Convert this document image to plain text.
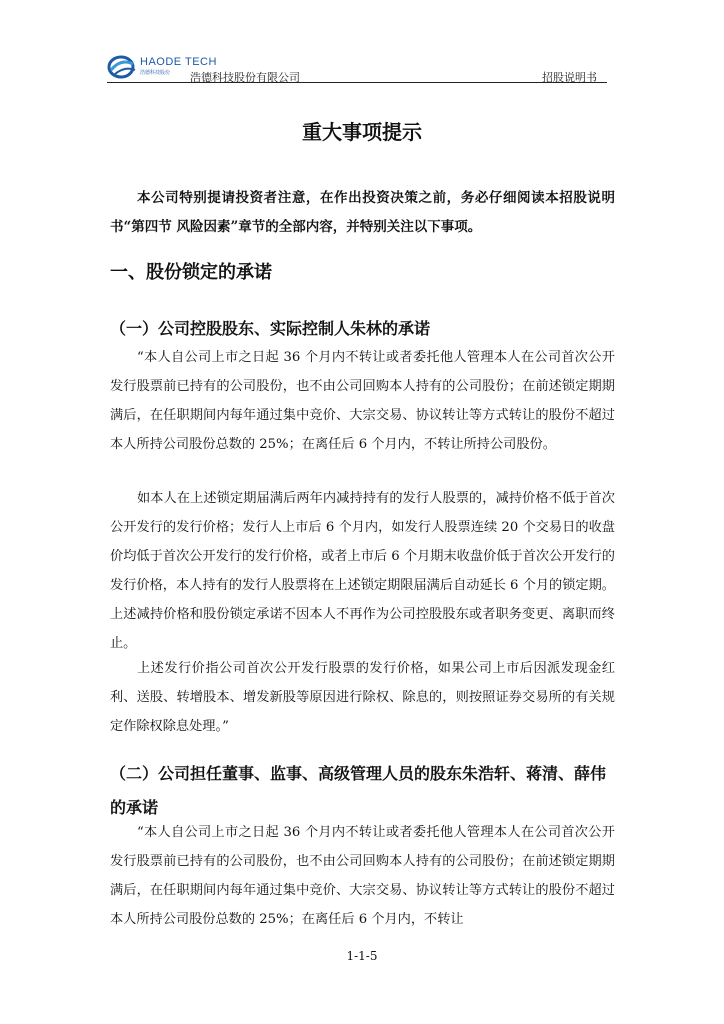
HAODE TECH
浩德科技股份 浩德科技股份有限公司	招股说明书
重大事项提示
本公司特别提请投资者注意，在作出投资决策之前，务必仔细阅读本招股说明书“第四节 风险因素”章节的全部内容，并特别关注以下事项。
一、股份锁定的承诺
（一）公司控股股东、实际控制人朱林的承诺
“本人自公司上市之日起 36 个月内不转让或者委托他人管理本人在公司首次公开发行股票前已持有的公司股份，也不由公司回购本人持有的公司股份；在前述锁定期期满后，在任职期间内每年通过集中竞价、大宗交易、协议转让等方式转让的股份不超过本人所持公司股份总数的 25%；在离任后 6 个月内，不转让所持公司股份。
如本人在上述锁定期届满后两年内减持持有的发行人股票的，减持价格不低于首次公开发行的发行价格；发行人上市后 6 个月内，如发行人股票连续 20 个交易日的收盘价均低于首次公开发行的发行价格，或者上市后 6 个月期末收盘价低于首次公开发行的发行价格，本人持有的发行人股票将在上述锁定期限届满后自动延长 6 个月的锁定期。上述减持价格和股份锁定承诺不因本人不再作为公司控股股东或者职务变更、离职而终止。
上述发行价指公司首次公开发行股票的发行价格，如果公司上市后因派发现金红利、送股、转增股本、增发新股等原因进行除权、除息的，则按照证券交易所的有关规定作除权除息处理。”
（二）公司担任董事、监事、高级管理人员的股东朱浩轩、蒋清、薛伟的承诺
“本人自公司上市之日起 36 个月内不转让或者委托他人管理本人在公司首次公开发行股票前已持有的公司股份，也不由公司回购本人持有的公司股份；在前述锁定期期满后，在任职期间内每年通过集中竞价、大宗交易、协议转让等方式转让的股份不超过本人所持公司股份总数的 25%；在离任后 6 个月内，不转让
1-1-5
